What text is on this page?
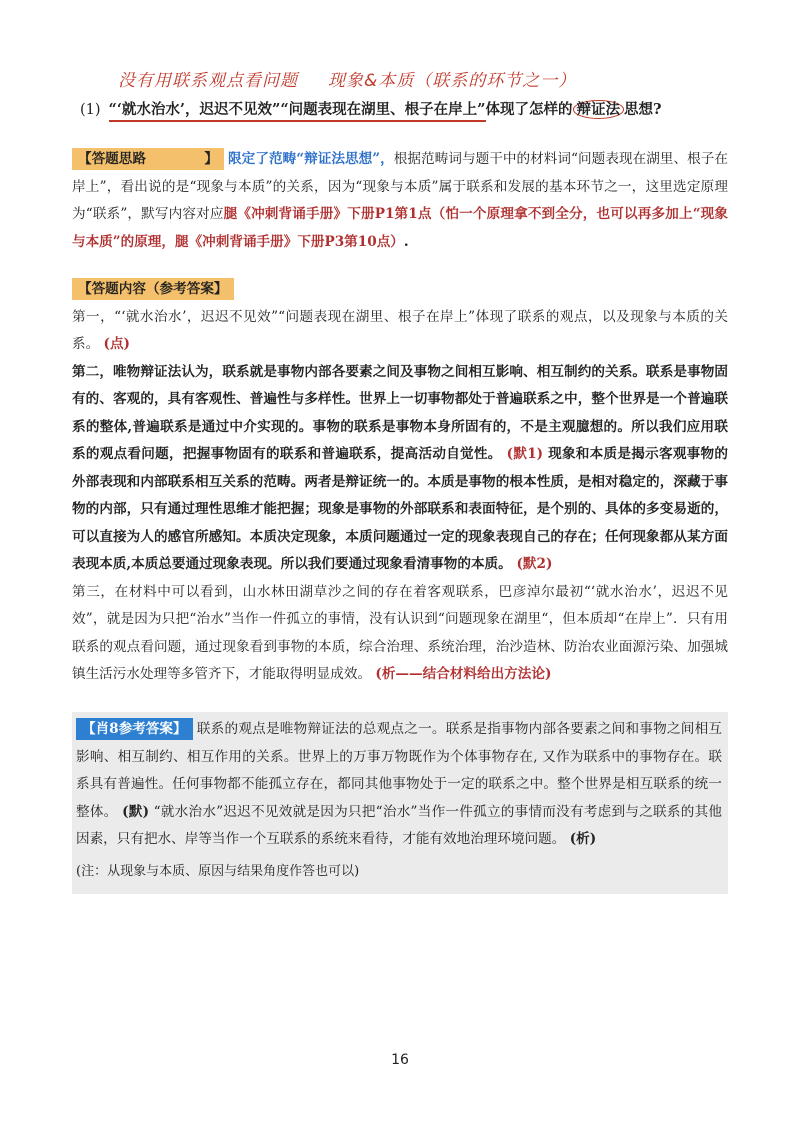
没有用联系观点看问题 现象&本质（联系的环节之一）
(1) “‘就水治水’，迟迟不见效”“问题表现在湖里、根子在岸上”体现了怎样的 辩证法 思想?
【答题思路	】 限定了范畴“辩证法思想”，根据范畴词与题干中的材料词“问题表现在湖里、根子在岸上”，看出说的是“现象与本质”的关系，因为“现象与本质”属于联系和发展的基本环节之一，这里选定原理为“联系”，默写内容对应腿《冲刺背诵手册》下册P1第1点（怕一个原理拿不到全分，也可以再多加上“现象与本质”的原理，腿《冲刺背诵手册》下册P3第10点）.
【答题内容（参考答案】
第一，“‘就水治水’，迟迟不见效”“问题表现在湖里、根子在岸上”体现了联系的观点，以及现象与本质的关系。 (点)
第二，唯物辩证法认为，联系就是事物内部各要素之间及事物之间相互影响、相互制约的关系。联系是事物固有的、客观的，具有客观性、普遍性与多样性。世界上一切事物都处于普遍联系之中，整个世界是一个普遍联系的整体,普遍联系是通过中介实现的。事物的联系是事物本身所固有的，不是主观臆想的。所以我们应用联系的观点看问题，把握事物固有的联系和普遍联系，提高活动自觉性。 (默1) 现象和本质是揭示客观事物的外部表现和内部联系相互关系的范畴。两者是辩证统一的。本质是事物的根本性质，是相对稳定的，深藏于事物的内部，只有通过理性思维才能把握；现象是事物的外部联系和表面特征，是个别的、具体的多变易逝的，可以直接为人的感官所感知。本质决定现象，本质问题通过一定的现象表现自己的存在；任何现象都从某方面表现本质,本质总要通过现象表现。所以我们要通过现象看清事物的本质。 (默2)
第三，在材料中可以看到，山水林田湖草沙之间的存在着客观联系，巴彦淖尔最初“‘就水治水’，迟迟不见效”，就是因为只把“治水”当作一件孤立的事情，没有认识到“问题现象在湖里“，但本质却“在岸上”．只有用联系的观点看问题，通过现象看到事物的本质，综合治理、系统治理，治沙造林、防治农业面源污染、加强城镇生活污水处理等多管齐下，才能取得明显成效。 (析——结合材料给出方法论)
【肖8参考答案】 联系的观点是唯物辩证法的总观点之一。联系是指事物内部各要素之间和事物之间相互影响、相互制约、相互作用的关系。世界上的万事万物既作为个体事物存在, 又作为联系中的事物存在。联系具有普遍性。任何事物都不能孤立存在，都同其他事物处于一定的联系之中。整个世界是相互联系的统一整体。 (默) “就水治水”迟迟不见效就是因为只把“治水”当作一件孤立的事情而没有考虑到与之联系的其他因素，只有把水、岸等当作一个互联系的系统来看待，才能有效地治理环境问题。 (析)
(注：从现象与本质、原因与结果角度作答也可以)
16
